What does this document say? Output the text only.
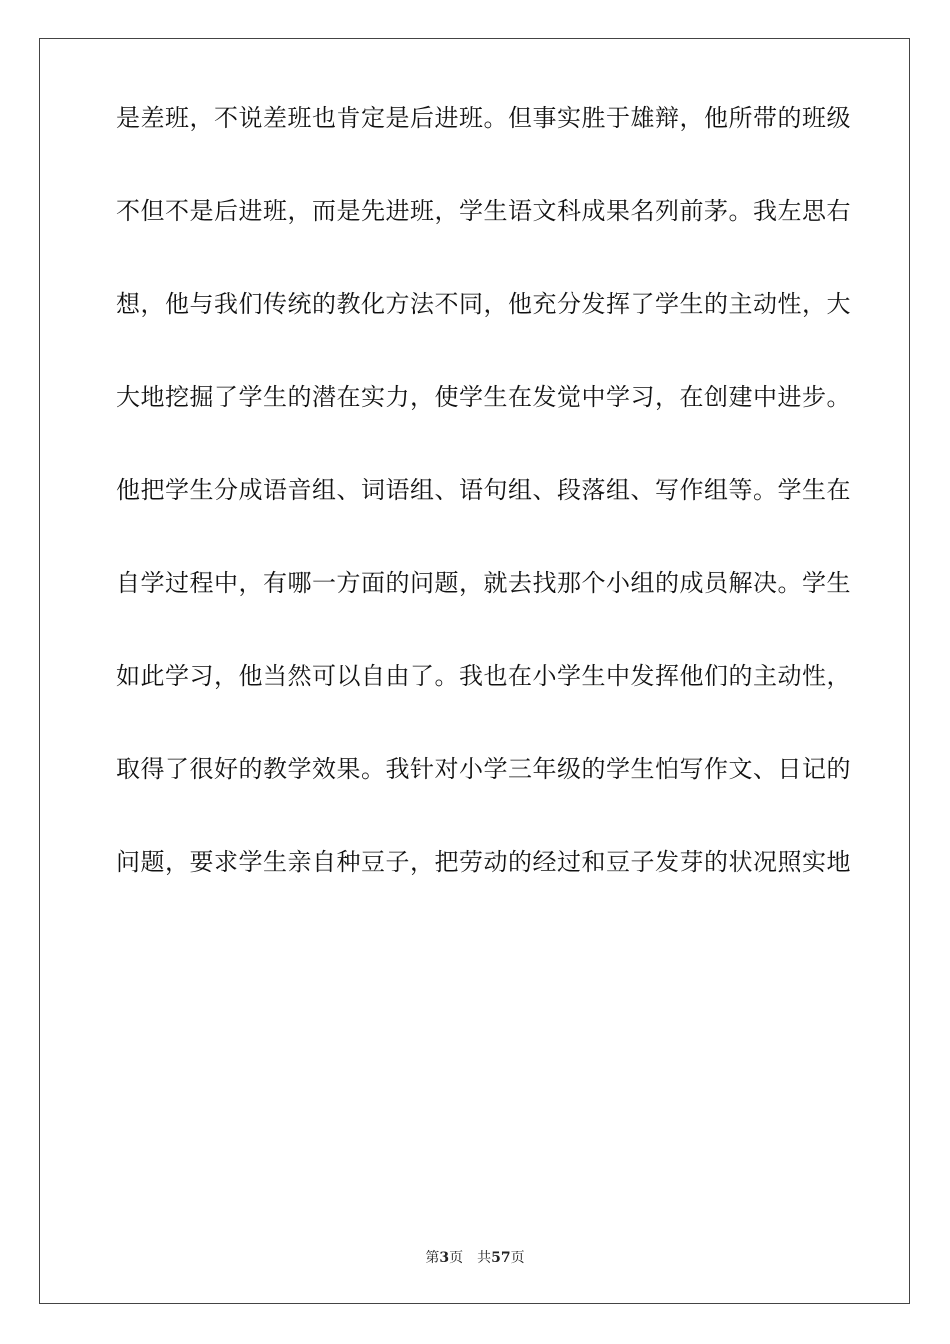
是差班，不说差班也肯定是后进班。但事实胜于雄辩，他所带的班级
不但不是后进班，而是先进班，学生语文科成果名列前茅。我左思右
想，他与我们传统的教化方法不同，他充分发挥了学生的主动性，大
大地挖掘了学生的潜在实力，使学生在发觉中学习，在创建中进步。
他把学生分成语音组、词语组、语句组、段落组、写作组等。学生在
自学过程中，有哪一方面的问题，就去找那个小组的成员解决。学生
如此学习，他当然可以自由了。我也在小学生中发挥他们的主动性，
取得了很好的教学效果。我针对小学三年级的学生怕写作文、日记的
问题，要求学生亲自种豆子，把劳动的经过和豆子发芽的状况照实地
第3页 共57页
